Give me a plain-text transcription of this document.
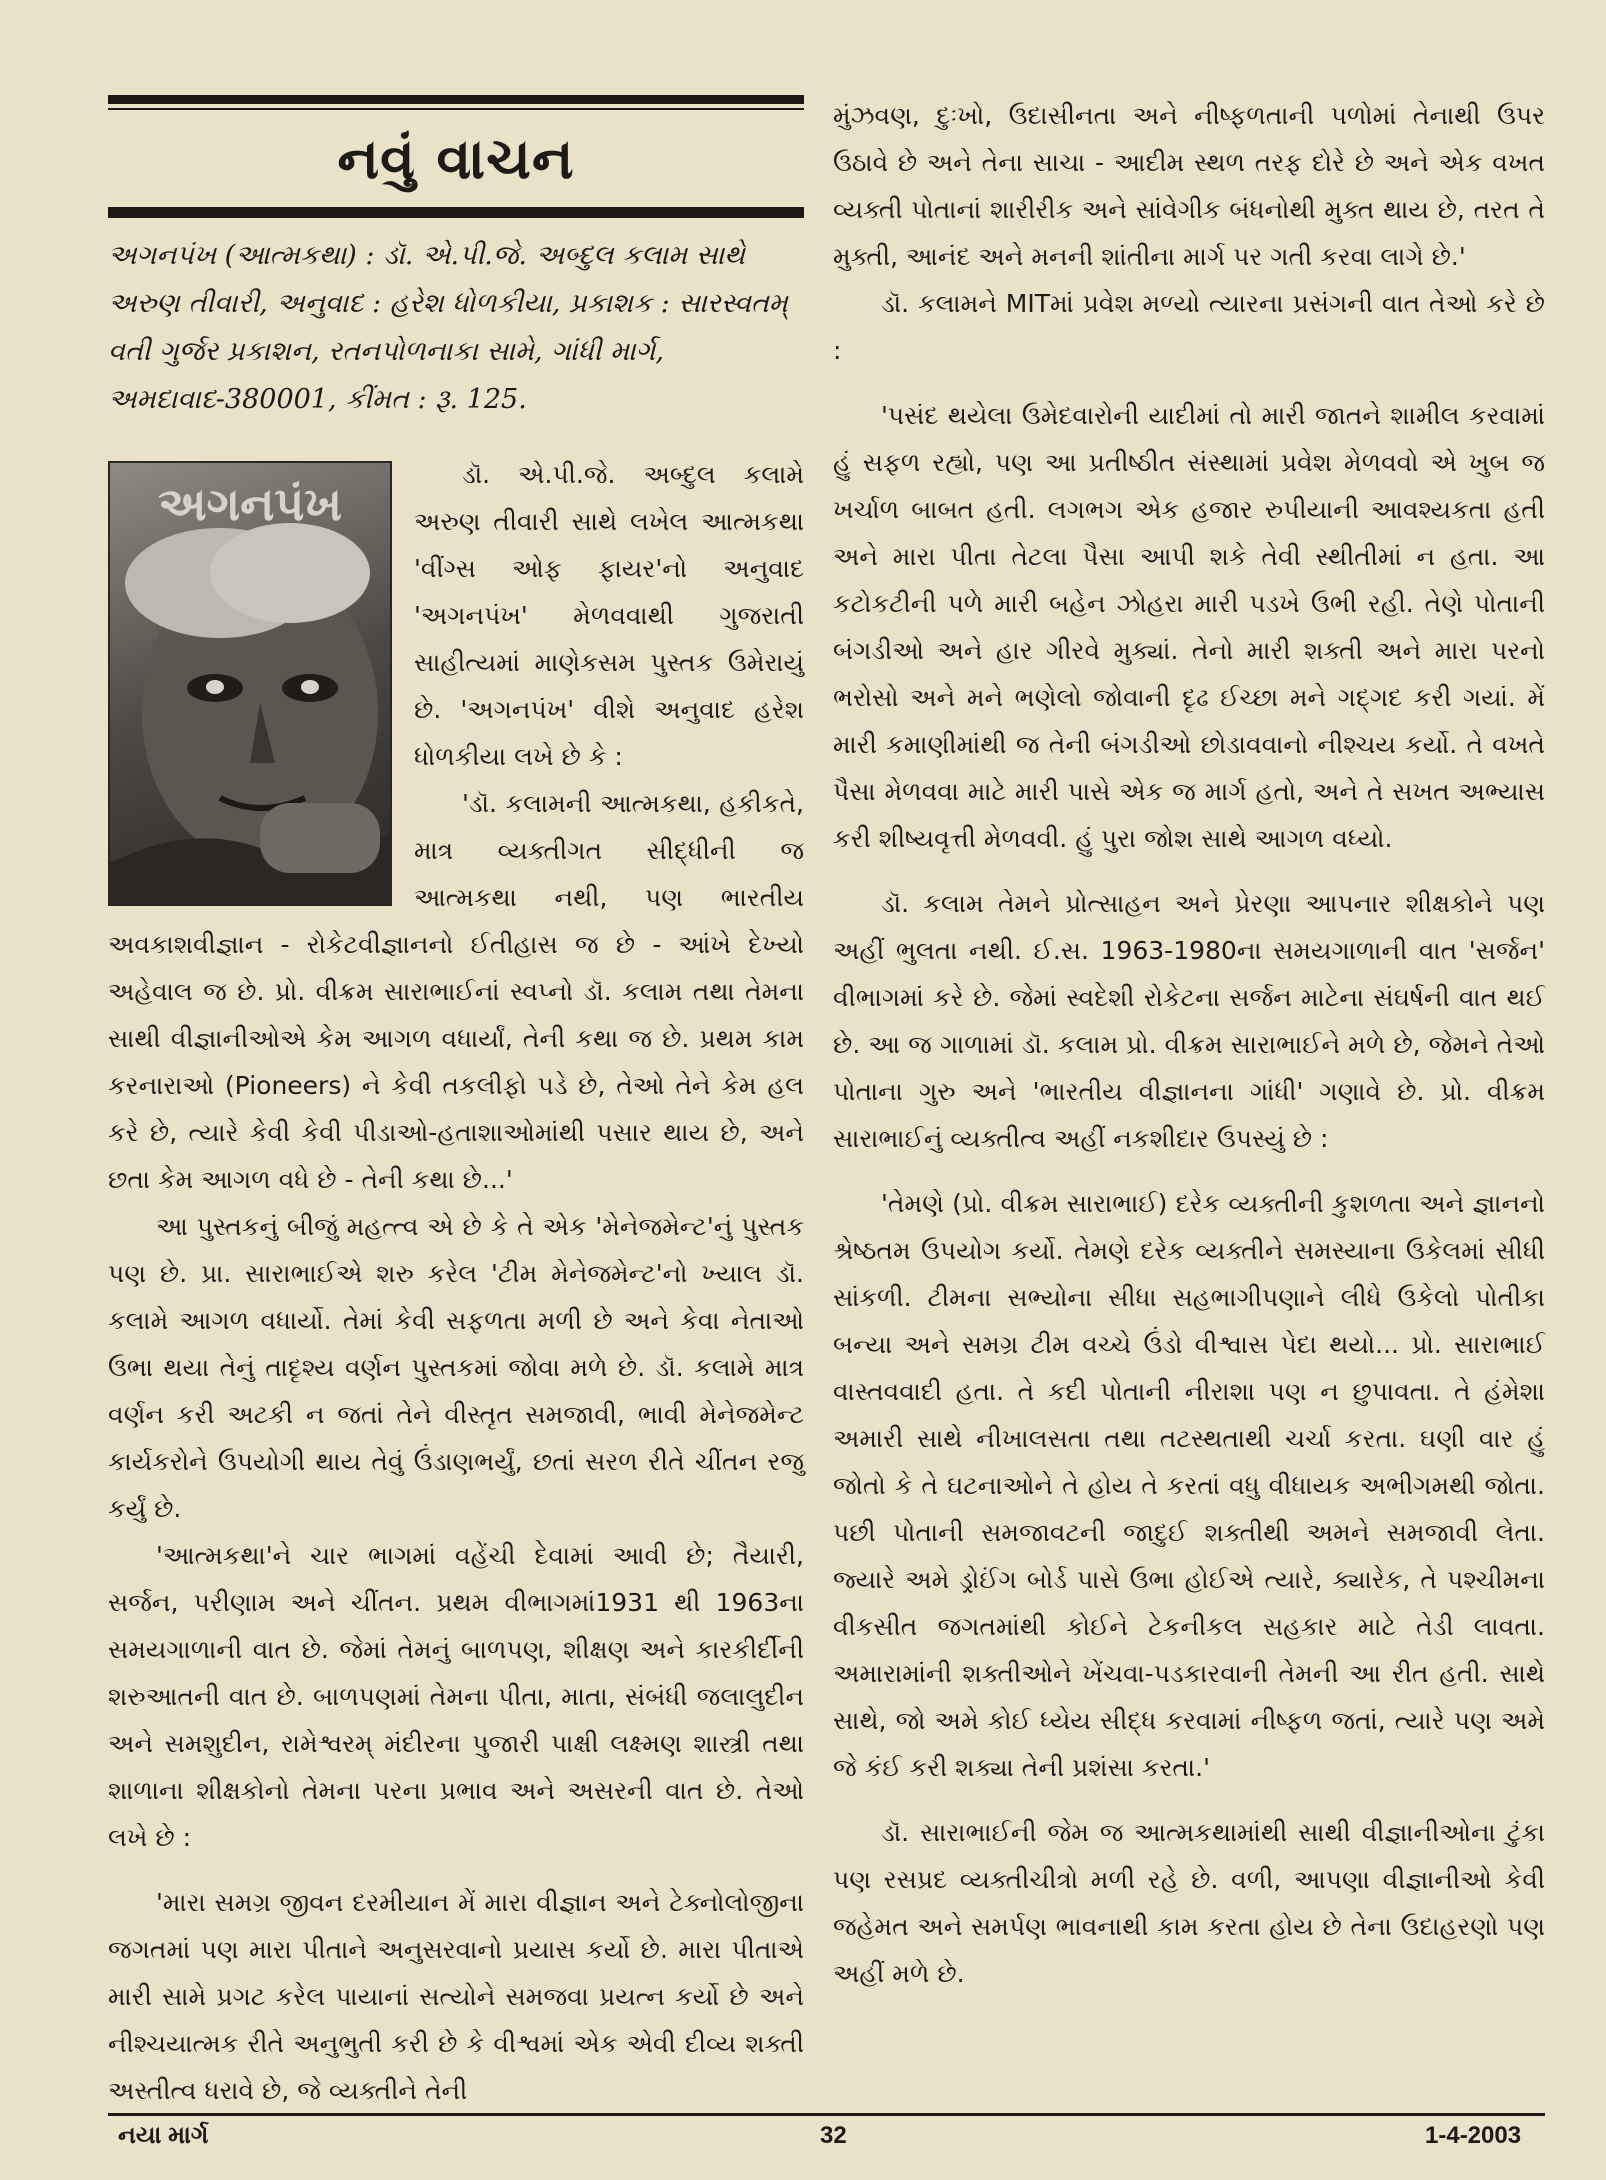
નવું વાચન

અગનપંખ (આત્મકથા) : ડૉ. એ.પી.જે. અબ્દુલ કલામ સાથે અરુણ તીવારી, અનુવાદ : હરેશ ધોળકીયા, પ્રકાશક : સારસ્વતમ્ વતી ગુર્જર પ્રકાશન, રતનપોળનાકા સામે, ગાંધી માર્ગ, અમદાવાદ-380001, કીંમત : રૂ. 125.

અગનપંખ

ડૉ. એ.પી.જે. અબ્દુલ કલામે અરુણ તીવારી સાથે લખેલ આત્મકથા 'વીંગ્સ ઓફ ફાયર'નો અનુવાદ 'અગનપંખ' મેળવવાથી ગુજરાતી સાહીત્યમાં માણેકસમ પુસ્તક ઉમેરાયું છે. 'અગનપંખ' વીશે અનુવાદ હરેશ ધોળકીયા લખે છે કે :

'ડૉ. કલામની આત્મકથા, હકીકતે, માત્ર વ્યક્તીગત સીદ્ધીની જ આત્મકથા નથી, પણ ભારતીય અવકાશવીજ્ઞાન - રોકેટવીજ્ઞાનનો ઈતીહાસ જ છે - આંખે દેખ્યો અહેવાલ જ છે. પ્રો. વીક્રમ સારાભાઈનાં સ્વપ્નો ડૉ. કલામ તથા તેમના સાથી વીજ્ઞાનીઓએ કેમ આગળ વધાર્યાં, તેની કથા જ છે. પ્રથમ કામ કરનારાઓ (Pioneers) ને કેવી તકલીફો પડે છે, તેઓ તેને કેમ હલ કરે છે, ત્યારે કેવી કેવી પીડાઓ-હતાશાઓમાંથી પસાર થાય છે, અને છતા કેમ આગળ વધે છે - તેની કથા છે...'

આ પુસ્તકનું બીજું મહત્ત્વ એ છે કે તે એક 'મેનેજમેન્ટ'નું પુસ્તક પણ છે. પ્રા. સારાભાઈએ શરુ કરેલ 'ટીમ મેનેજમેન્ટ'નો ખ્યાલ ડૉ. કલામે આગળ વધાર્યો. તેમાં કેવી સફળતા મળી છે અને કેવા નેતાઓ ઉભા થયા તેનું તાદૃશ્ય વર્ણન પુસ્તકમાં જોવા મળે છે. ડૉ. કલામે માત્ર વર્ણન કરી અટકી ન જતાં તેને વીસ્તૃત સમજાવી, ભાવી મેનેજમેન્ટ કાર્યકરોને ઉપયોગી થાય તેવું ઉંડાણભર્યું, છતાં સરળ રીતે ચીંતન રજુ કર્યું છે.

'આત્મકથા'ને ચાર ભાગમાં વહેંચી દેવામાં આવી છે; તૈયારી, સર્જન, પરીણામ અને ચીંતન. પ્રથમ વીભાગમાં1931 થી 1963ના સમયગાળાની વાત છે. જેમાં તેમનું બાળપણ, શીક્ષણ અને કારકીર્દીની શરુઆતની વાત છે. બાળપણમાં તેમના પીતા, માતા, સંબંધી જલાલુદીન અને સમશુદીન, રામેશ્વરમ્ મંદીરના પુજારી પાક્ષી લક્ષ્મણ શાસ્ત્રી તથા શાળાના શીક્ષકોનો તેમના પરના પ્રભાવ અને અસરની વાત છે. તેઓ લખે છે :

'મારા સમગ્ર જીવન દરમીયાન મેં મારા વીજ્ઞાન અને ટેક્નોલોજીના જગતમાં પણ મારા પીતાને અનુસરવાનો પ્રયાસ કર્યો છે. મારા પીતાએ મારી સામે પ્રગટ કરેલ પાયાનાં સત્યોને સમજવા પ્રયત્ન કર્યો છે અને નીશ્ચયાત્મક રીતે અનુભુતી કરી છે કે વીશ્વમાં એક એવી દીવ્ય શક્તી અસ્તીત્વ ધરાવે છે, જે વ્યક્તીને તેની

મુંઝવણ, દુઃખો, ઉદાસીનતા અને નીષ્ફળતાની પળોમાં તેનાથી ઉપર ઉઠાવે છે અને તેના સાચા - આદીમ સ્થળ તરફ દોરે છે અને એક વખત વ્યક્તી પોતાનાં શારીરીક અને સાંવેગીક બંધનોથી મુક્ત થાય છે, તરત તે મુક્તી, આનંદ અને મનની શાંતીના માર્ગ પર ગતી કરવા લાગે છે.'

ડૉ. કલામને MITમાં પ્રવેશ મળ્યો ત્યારના પ્રસંગની વાત તેઓ કરે છે :

'પસંદ થયેલા ઉમેદવારોની યાદીમાં તો મારી જાતને શામીલ કરવામાં હું સફળ રહ્યો, પણ આ પ્રતીષ્ઠીત સંસ્થામાં પ્રવેશ મેળવવો એ ખુબ જ ખર્ચાળ બાબત હતી. લગભગ એક હજાર રુપીયાની આવશ્યકતા હતી અને મારા પીતા તેટલા પૈસા આપી શકે તેવી સ્થીતીમાં ન હતા. આ કટોકટીની પળે મારી બહેન ઝોહરા મારી પડખે ઉભી રહી. તેણે પોતાની બંગડીઓ અને હાર ગીરવે મુક્યાં. તેનો મારી શક્તી અને મારા પરનો ભરોસો અને મને ભણેલો જોવાની દૃઢ ઈચ્છા મને ગદ્ગદ કરી ગયાં. મેં મારી કમાણીમાંથી જ તેની બંગડીઓ છોડાવવાનો નીશ્ચય કર્યો. તે વખતે પૈસા મેળવવા માટે મારી પાસે એક જ માર્ગ હતો, અને તે સખત અભ્યાસ કરી શીષ્યવૃત્તી મેળવવી. હું પુરા જોશ સાથે આગળ વધ્યો.

ડૉ. કલામ તેમને પ્રોત્સાહન અને પ્રેરણા આપનાર શીક્ષકોને પણ અહીં ભુલતા નથી. ઈ.સ. 1963-1980ના સમયગાળાની વાત 'સર્જન' વીભાગમાં કરે છે. જેમાં સ્વદેશી રોકેટના સર્જન માટેના સંઘર્ષની વાત થઈ છે. આ જ ગાળામાં ડૉ. કલામ પ્રો. વીક્રમ સારાભાઈને મળે છે, જેમને તેઓ પોતાના ગુરુ અને 'ભારતીય વીજ્ઞાનના ગાંધી' ગણાવે છે. પ્રો. વીક્રમ સારાભાઈનું વ્યક્તીત્વ અહીં નકશીદાર ઉપસ્યું છે :

'તેમણે (પ્રો. વીક્રમ સારાભાઈ) દરેક વ્યક્તીની કુશળતા અને જ્ઞાનનો શ્રેષ્ઠતમ ઉપયોગ કર્યો. તેમણે દરેક વ્યક્તીને સમસ્યાના ઉકેલમાં સીધી સાંકળી. ટીમના સભ્યોના સીધા સહભાગીપણાને લીધે ઉકેલો પોતીકા બન્યા અને સમગ્ર ટીમ વચ્ચે ઉંડો વીશ્વાસ પેદા થયો... પ્રો. સારાભાઈ વાસ્તવવાદી હતા. તે કદી પોતાની નીરાશા પણ ન છુપાવતા. તે હંમેશા અમારી સાથે નીખાલસતા તથા તટસ્થતાથી ચર્ચા કરતા. ઘણી વાર હું જોતો કે તે ઘટનાઓને તે હોય તે કરતાં વધુ વીધાયક અભીગમથી જોતા. પછી પોતાની સમજાવટની જાદુઈ શક્તીથી અમને સમજાવી લેતા. જ્યારે અમે ડ્રોઈંગ બોર્ડ પાસે ઉભા હોઈએ ત્યારે, ક્યારેક, તે પશ્ચીમના વીકસીત જગતમાંથી કોઈને ટેકનીકલ સહકાર માટે તેડી લાવતા. અમારામાંની શક્તીઓને ખેંચવા-પડકારવાની તેમની આ રીત હતી. સાથે સાથે, જો અમે કોઈ ધ્યેય સીદ્ધ કરવામાં નીષ્ફળ જતાં, ત્યારે પણ અમે જે કંઈ કરી શક્યા તેની પ્રશંસા કરતા.'

ડૉ. સારાભાઈની જેમ જ આત્મકથામાંથી સાથી વીજ્ઞાનીઓના ટુંકા પણ રસપ્રદ વ્યક્તીચીત્રો મળી રહે છે. વળી, આપણા વીજ્ઞાનીઓ કેવી જહેમત અને સમર્પણ ભાવનાથી કામ કરતા હોય છે તેના ઉદાહરણો પણ અહીં મળે છે.

નયા માર્ગ	32	1-4-2003
